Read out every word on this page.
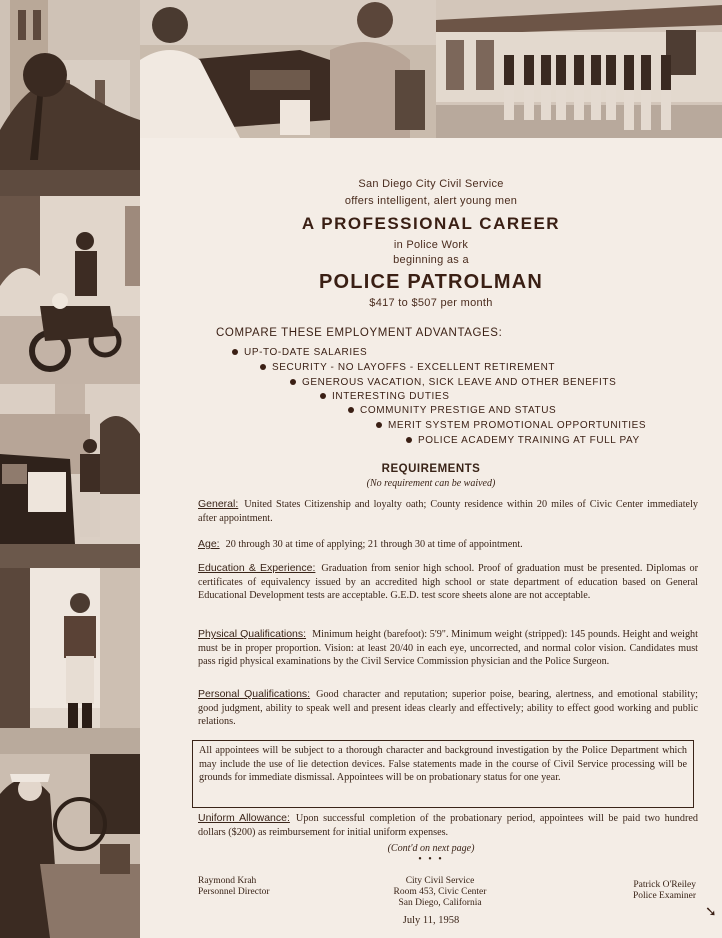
San Diego City Civil Service
offers intelligent, alert young men
A PROFESSIONAL CAREER
in Police Work
beginning as a
POLICE PATROLMAN
$417 to $507 per month
COMPARE THESE EMPLOYMENT ADVANTAGES:
UP-TO-DATE SALARIES
SECURITY - NO LAYOFFS - EXCELLENT RETIREMENT
GENEROUS VACATION, SICK LEAVE AND OTHER BENEFITS
INTERESTING DUTIES
COMMUNITY PRESTIGE AND STATUS
MERIT SYSTEM PROMOTIONAL OPPORTUNITIES
POLICE ACADEMY TRAINING AT FULL PAY
REQUIREMENTS
(No requirement can be waived)
General: United States Citizenship and loyalty oath; County residence within 20 miles of Civic Center immediately after appointment.
Age: 20 through 30 at time of applying; 21 through 30 at time of appointment.
Education & Experience: Graduation from senior high school. Proof of graduation must be presented. Diplomas or certificates of equivalency issued by an accredited high school or state department of education based on General Educational Development tests are acceptable. G.E.D. test score sheets alone are not acceptable.
Physical Qualifications: Minimum height (barefoot): 5'9". Minimum weight (stripped): 145 pounds. Height and weight must be in proper proportion. Vision: at least 20/40 in each eye, uncorrected, and normal color vision. Candidates must pass rigid physical examinations by the Civil Service Commission physician and the Police Surgeon.
Personal Qualifications: Good character and reputation; superior poise, bearing, alertness, and emotional stability; good judgment, ability to speak well and present ideas clearly and effectively; ability to effect good working and public relations.
All appointees will be subject to a thorough character and background investigation by the Police Department which may include the use of lie detection devices. False statements made in the course of Civil Service processing will be grounds for immediate dismissal. Appointees will be on probationary status for one year.
Uniform Allowance: Upon successful completion of the probationary period, appointees will be paid two hundred dollars ($200) as reimbursement for initial uniform expenses.
(Cont'd on next page)
• • •
Raymond Krah
Personnel Director
City Civil Service
Room 453, Civic Center
San Diego, California
Patrick O'Reiley
Police Examiner
July 11, 1958
➘
